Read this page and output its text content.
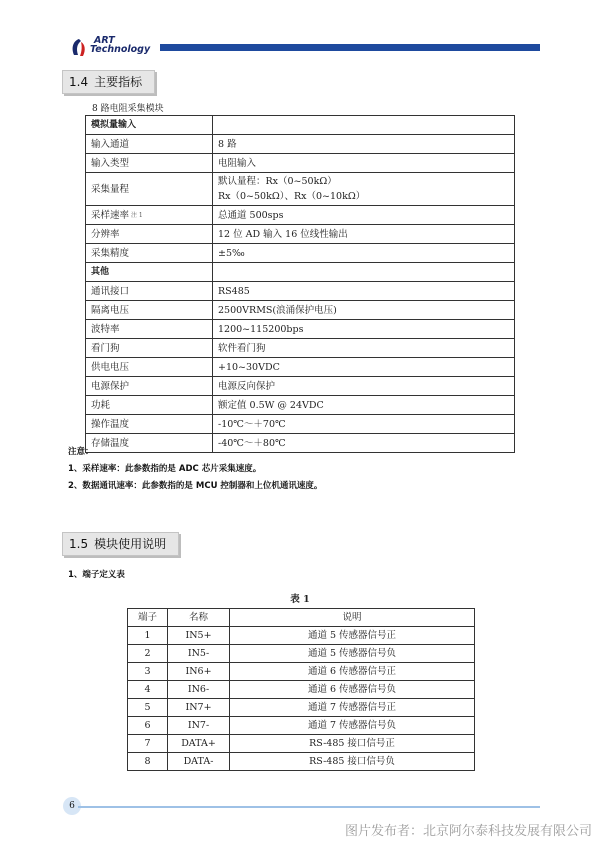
ART
Technology
1.4 主要指标
8 路电阻采集模块
模拟量输入	
输入通道	8 路

输入类型	电阻输入

采集量程	默认量程：Rx（0~50kΩ）
Rx（0~50kΩ）、Rx（0~10kΩ）

采样速率 $^{注 1}$	总通道 500sps

分辨率	12 位 AD 输入 16 位线性输出

采集精度	±5‰

其他	
通讯接口	RS485

隔离电压	2500VRMS(浪涌保护电压)

波特率	1200~115200bps

看门狗	软件看门狗

供电电压	+10~30VDC

电源保护	电源反向保护

功耗	额定值 0.5W @ 24VDC

操作温度	-10℃～＋70℃

存储温度	-40℃～＋80℃
注意：
1、采样速率：此参数指的是 ADC 芯片采集速度。
2、数据通讯速率：此参数指的是 MCU 控制器和上位机通讯速度。
1.5 模块使用说明
1、端子定义表
表 1
端子	名称	说明
1	IN5+	通道 5 传感器信号正
2	IN5-	通道 5 传感器信号负
3	IN6+	通道 6 传感器信号正
4	IN6-	通道 6 传感器信号负
5	IN7+	通道 7 传感器信号正
6	IN7-	通道 7 传感器信号负
7	DATA+	RS-485 接口信号正
8	DATA-	RS-485 接口信号负
6
图片发布者：北京阿尔泰科技发展有限公司
